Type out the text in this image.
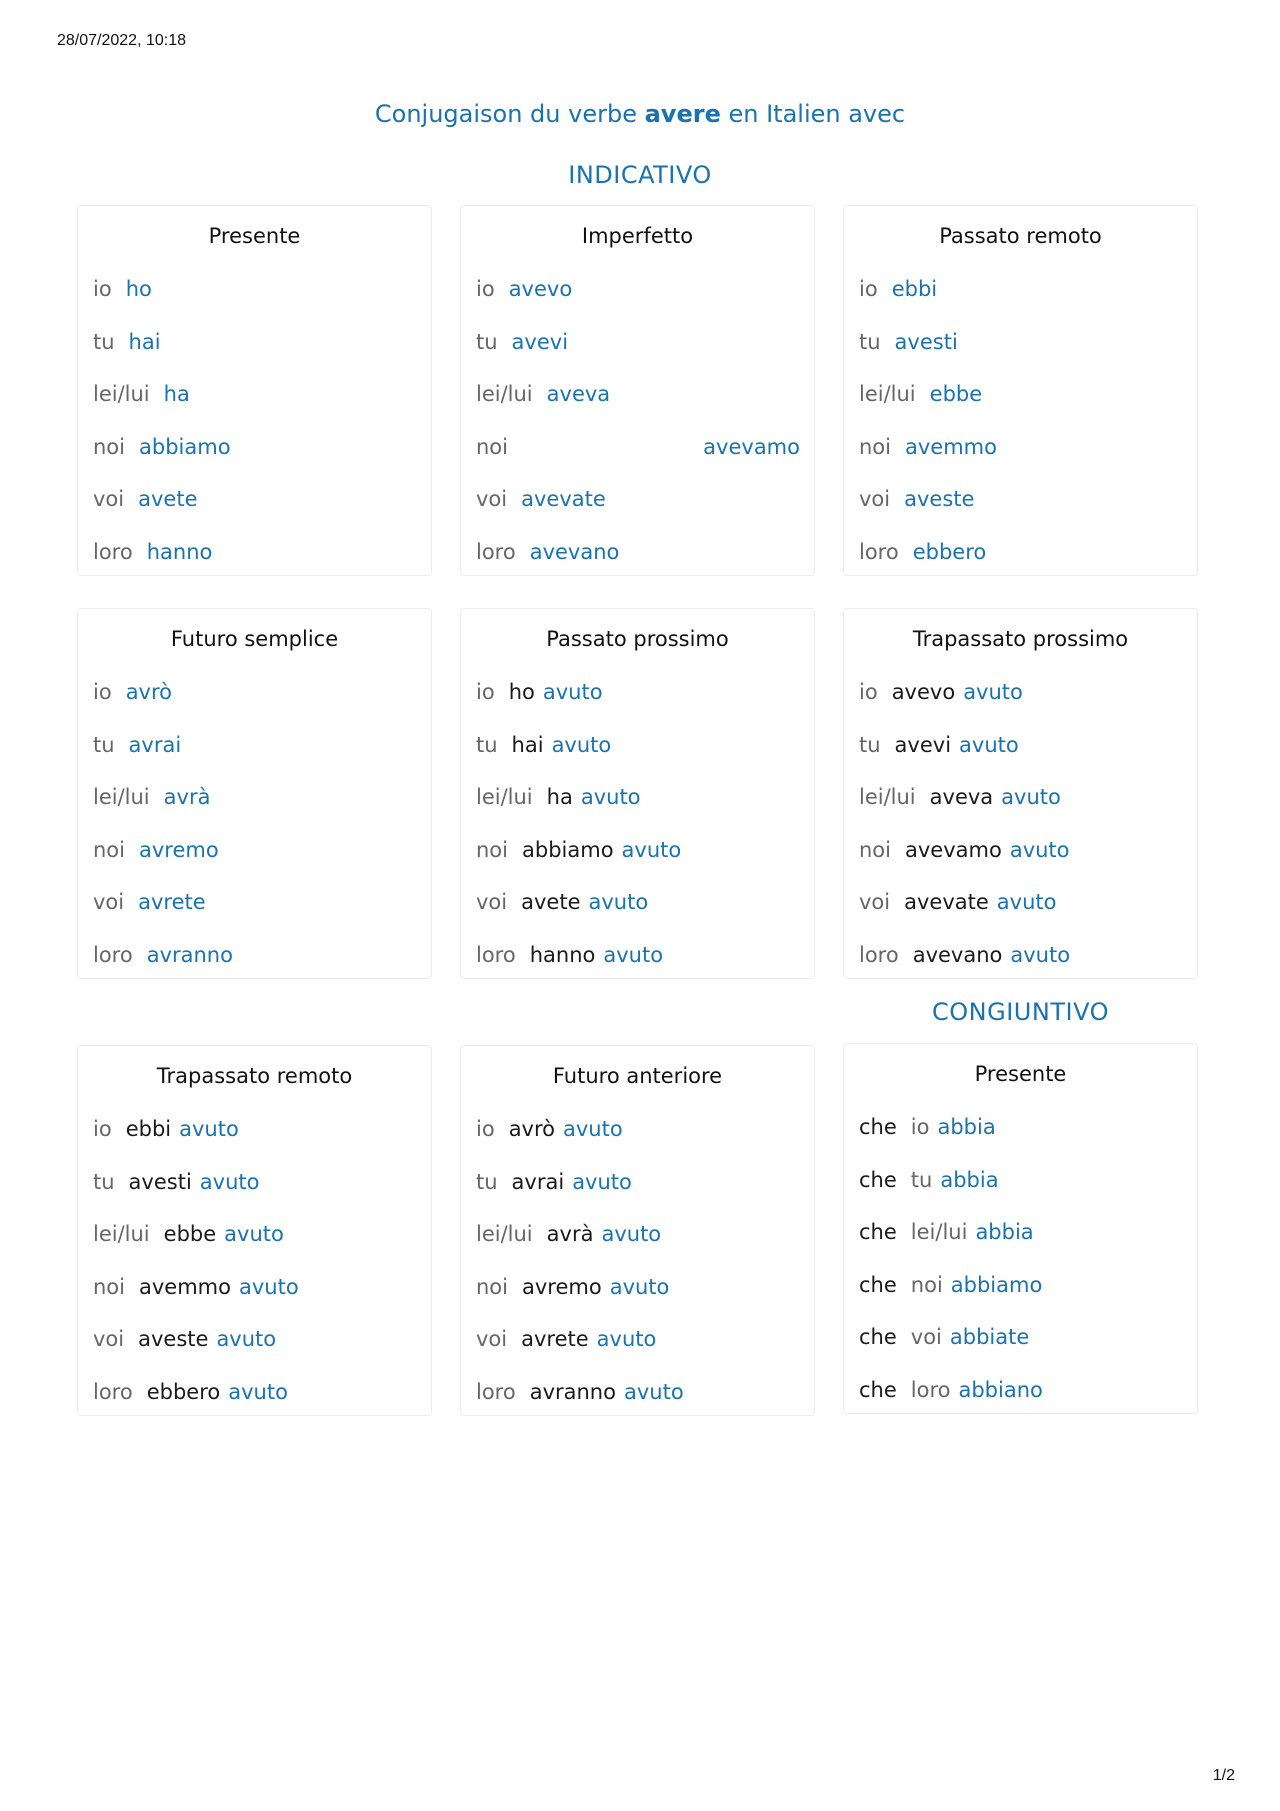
28/07/2022, 10:18
Conjugaison du verbe avere en Italien avec
INDICATIVO
CONGIUNTIVO
Presente
io ho
tu hai
lei/lui ha
noi abbiamo
voi avete
loro hanno
Imperfetto
io avevo
tu avevi
lei/lui aveva
noi	avevamo
voi avevate
loro avevano
Passato remoto
io ebbi
tu avesti
lei/lui ebbe
noi avemmo
voi aveste
loro ebbero
Futuro semplice
io avrò
tu avrai
lei/lui avrà
noi avremo
voi avrete
loro avranno
Passato prossimo
io ho avuto
tu hai avuto
lei/lui ha avuto
noi abbiamo avuto
voi avete avuto
loro hanno avuto
Trapassato prossimo
io avevo avuto
tu avevi avuto
lei/lui aveva avuto
noi avevamo avuto
voi avevate avuto
loro avevano avuto
Trapassato remoto
io ebbi avuto
tu avesti avuto
lei/lui ebbe avuto
noi avemmo avuto
voi aveste avuto
loro ebbero avuto
Futuro anteriore
io avrò avuto
tu avrai avuto
lei/lui avrà avuto
noi avremo avuto
voi avrete avuto
loro avranno avuto
Presente
che io abbia
che tu abbia
che lei/lui abbia
che noi abbiamo
che voi abbiate
che loro abbiano
1/2
